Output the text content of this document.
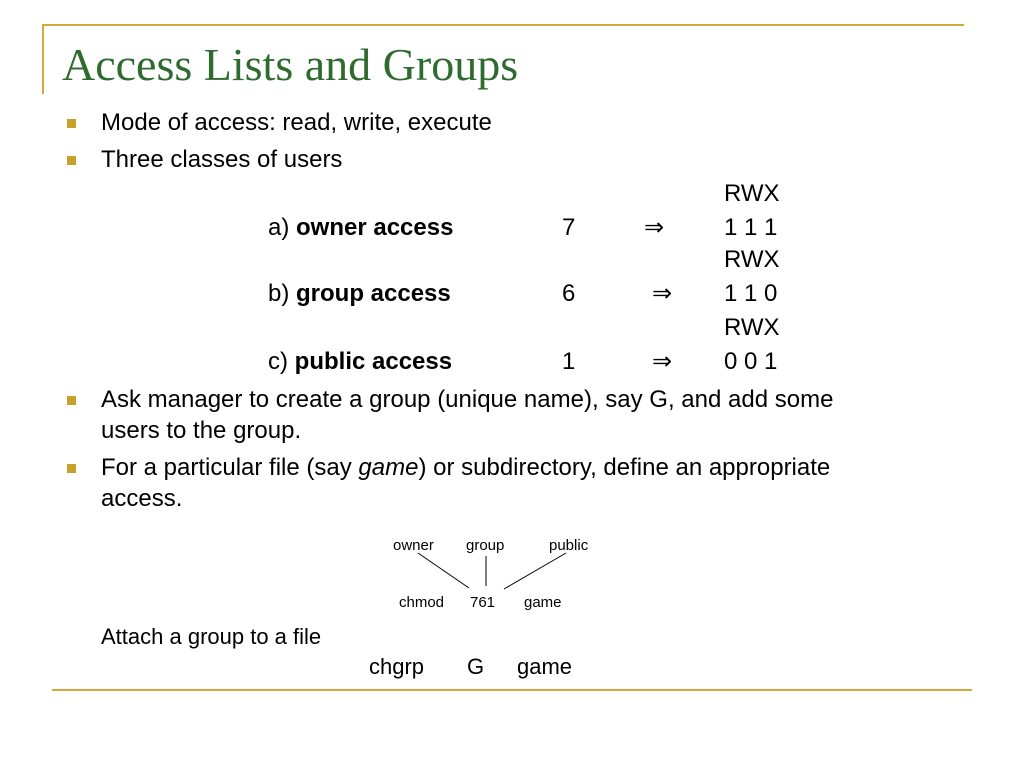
Access Lists and Groups
Mode of access: read, write, execute
Three classes of users
RWX
a) owner access	7	⇒ 1 1 1
RWX
b) group access	6	⇒ 1 1 0
RWX
c) public access	1	⇒ 0 0 1
Ask manager to create a group (unique name), say G, and add some
users to the group.
For a particular file (say game) or subdirectory, define an appropriate
access.
owner group	public
chmod 761 game
Attach a group to a file
chgrp G game
